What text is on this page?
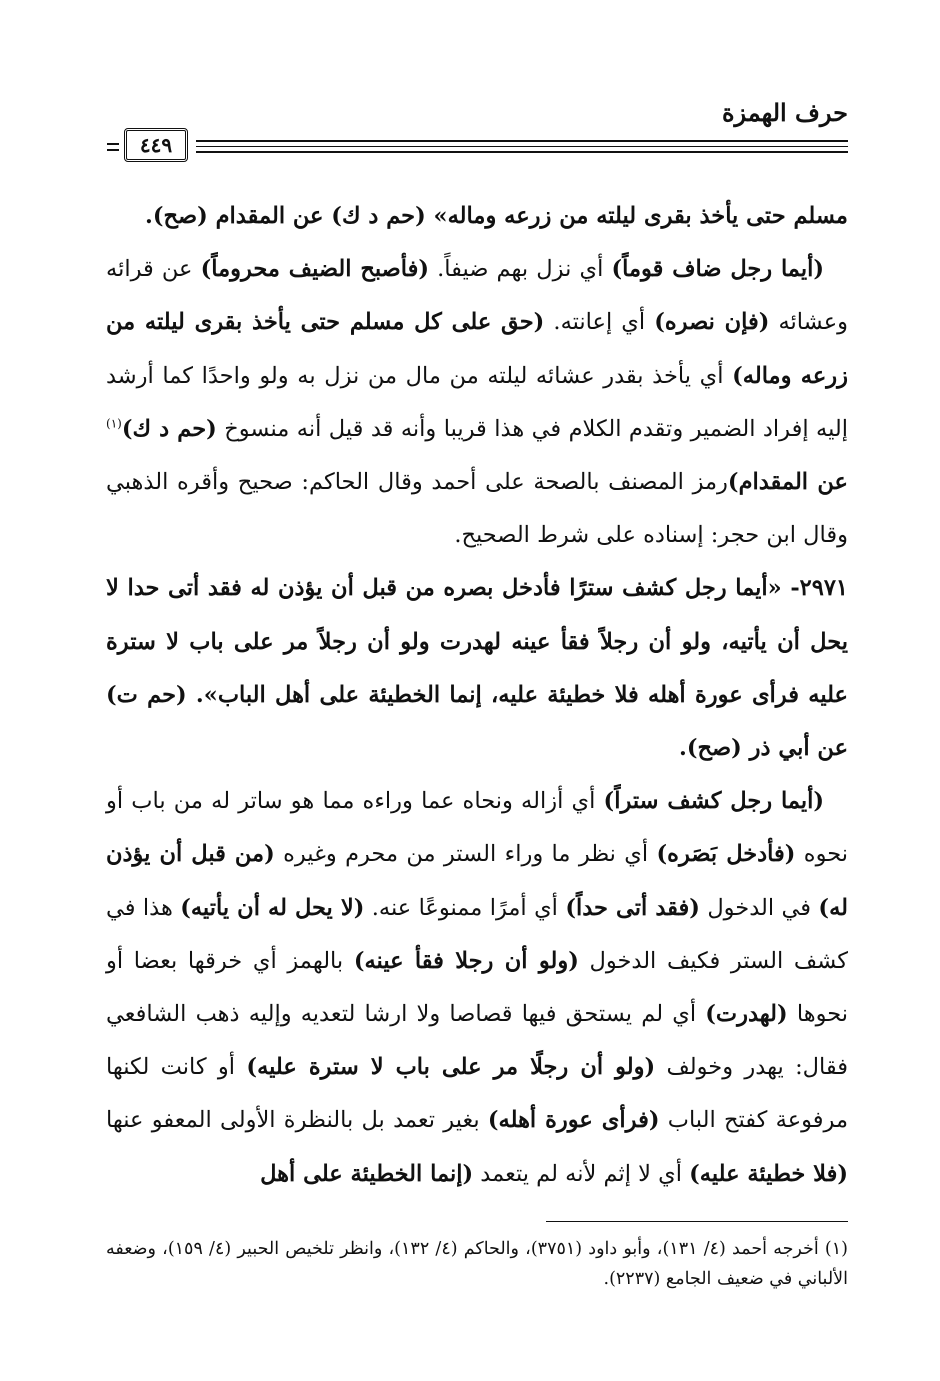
حرف الهمزة
٤٤٩

مسلم حتى يأخذ بقرى ليلته من زرعه وماله» (حم د ك) عن المقدام (صح).

(أيما رجل ضاف قوماً) أي نزل بهم ضيفاً. (فأصبح الضيف محروماً) عن قرائه وعشائه (فإن نصره) أي إعانته. (حق على كل مسلم حتى يأخذ بقرى ليلته من زرعه وماله) أي يأخذ بقدر عشائه ليلته من مال من نزل به ولو واحدًا كما أرشد إليه إفراد الضمير وتقدم الكلام في هذا قريبا وأنه قد قيل أنه منسوخ (حم د ك)$^{(١)}$ عن المقدام)رمز المصنف بالصحة على أحمد وقال الحاكم: صحيح وأقره الذهبي وقال ابن حجر: إسناده على شرط الصحيح.

٢٩٧١- «أيما رجل كشف سترًا فأدخل بصره من قبل أن يؤذن له فقد أتى حدا لا يحل أن يأتيه، ولو أن رجلاً فقأ عينه لهدرت ولو أن رجلاً مر على باب لا سترة عليه فرأى عورة أهله فلا خطيئة عليه، إنما الخطيئة على أهل الباب». (حم ت) عن أبي ذر (صح).

(أيما رجل كشف ستراً) أي أزاله ونحاه عما وراءه مما هو ساتر له من باب أو نحوه (فأدخل بَصَره) أي نظر ما وراء الستر من محرم وغيره (من قبل أن يؤذن له) في الدخول (فقد أتى حداً) أي أمرًا ممنوعًا عنه. (لا يحل له أن يأتيه) هذا في كشف الستر فكيف الدخول (ولو أن رجلا فقأ عينه) بالهمز أي خرقها بعضا أو نحوها (لهدرت) أي لم يستحق فيها قصاصا ولا ارشا لتعديه وإليه ذهب الشافعي فقال: يهدر وخولف (ولو أن رجلًا مر على باب لا سترة عليه) أو كانت لكنها مرفوعة كفتح الباب (فرأى عورة أهله) بغير تعمد بل بالنظرة الأولى المعفو عنها (فلا خطيئة عليه) أي لا إثم لأنه لم يتعمد (إنما الخطيئة على أهل

(١) أخرجه أحمد (٤/ ١٣١)، وأبو داود (٣٧٥١)، والحاكم (٤/ ١٣٢)، وانظر تلخيص الحبير (٤/ ١٥٩)، وضعفه الألباني في ضعيف الجامع (٢٢٣٧).
